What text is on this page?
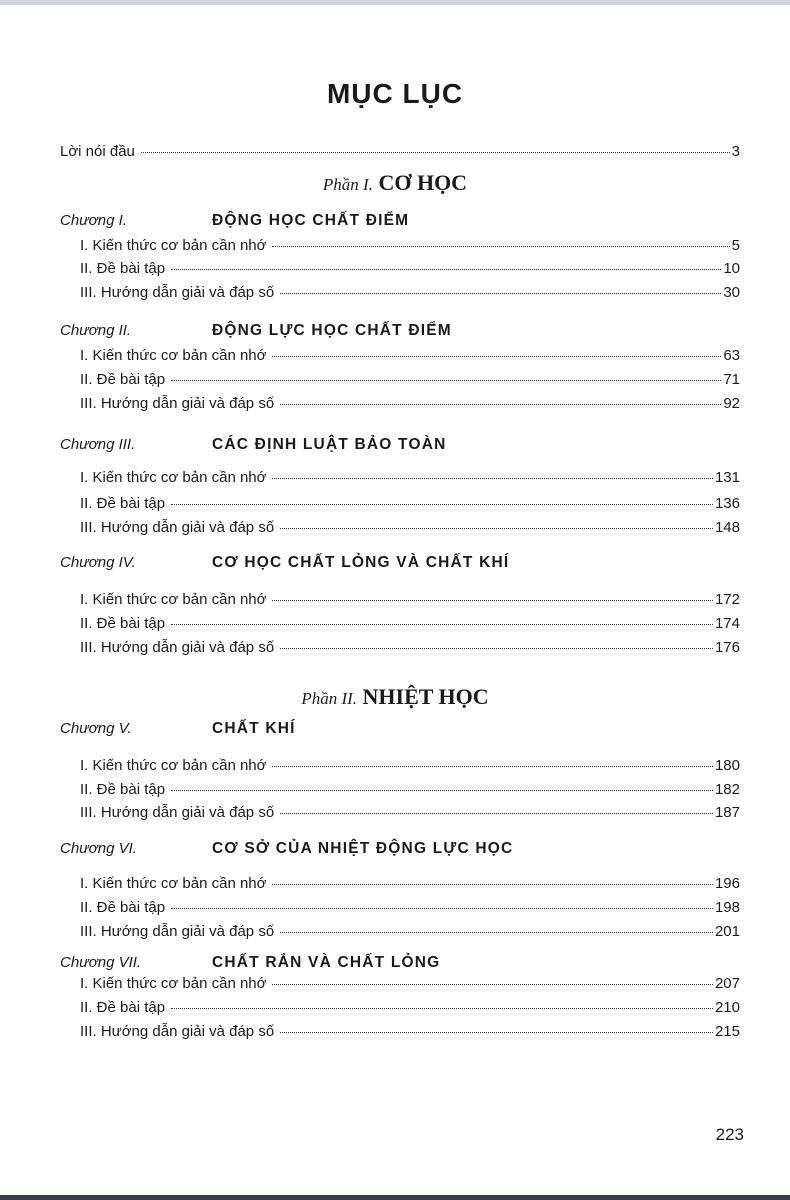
MỤC LỤC
Lời nói đầu	3
Phần I. CƠ HỌC
Chương I.	ĐỘNG HỌC CHẤT ĐIỂM
I. Kiến thức cơ bản cần nhớ	5
II. Đề bài tập	10
III. Hướng dẫn giải và đáp số	30
Chương II.	ĐỘNG LỰC HỌC CHẤT ĐIỂM
I. Kiến thức cơ bản cần nhớ	63
II. Đề bài tập	71
III. Hướng dẫn giải và đáp số	92
Chương III.	CÁC ĐỊNH LUẬT BẢO TOÀN
I. Kiến thức cơ bản cần nhớ	131
II. Đề bài tập	136
III. Hướng dẫn giải và đáp số	148
Chương IV.	CƠ HỌC CHẤT LỎNG VÀ CHẤT KHÍ
I. Kiến thức cơ bản cần nhớ	172
II. Đề bài tập	174
III. Hướng dẫn giải và đáp số	176
Phần II. NHIỆT HỌC
Chương V.	CHẤT KHÍ
I. Kiến thức cơ bản cần nhớ	180
II. Đề bài tập	182
III. Hướng dẫn giải và đáp số	187
Chương VI.	CƠ SỞ CỦA NHIỆT ĐỘNG LỰC HỌC
I. Kiến thức cơ bản cần nhớ	196
II. Đề bài tập	198
III. Hướng dẫn giải và đáp số	201
Chương VII.	CHẤT RẮN VÀ CHẤT LỎNG
I. Kiến thức cơ bản cần nhớ	207
II. Đề bài tập	210
III. Hướng dẫn giải và đáp số	215
223
